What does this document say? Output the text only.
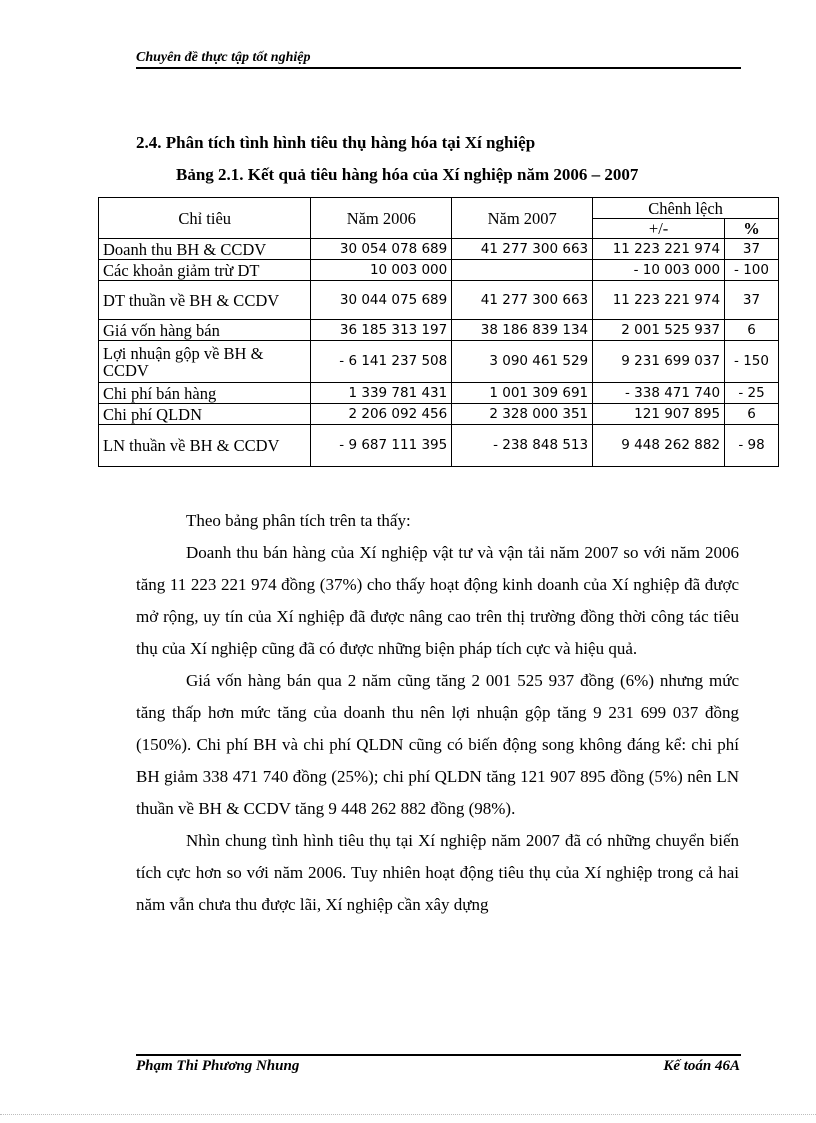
Chuyên đề thực tập tốt nghiệp
2.4. Phân tích tình hình tiêu thụ hàng hóa tại Xí nghiệp
Bảng 2.1. Kết quả tiêu hàng hóa của Xí nghiệp năm 2006 – 2007
Chỉ tiêu	Năm 2006	Năm 2007	Chênh lệch	
			+/-	%
Doanh thu BH & CCDV	30 054 078 689	41 277 300 663	11 223 221 974	37
Các khoản giảm trừ DT	10 003 000		- 10 003 000	- 100
DT thuần về BH & CCDV	30 044 075 689	41 277 300 663	11 223 221 974	37
Giá vốn hàng bán	36 185 313 197	38 186 839 134	2 001 525 937	6
Lợi nhuận gộp về BH & CCDV	- 6 141 237 508	3 090 461 529	9 231 699 037	- 150
Chi phí bán hàng	1 339 781 431	1 001 309 691	- 338 471 740	- 25
Chi phí QLDN	2 206 092 456	2 328 000 351	121 907 895	6
LN thuần về BH & CCDV	- 9 687 111 395	- 238 848 513	9 448 262 882	- 98

Theo bảng phân tích trên ta thấy:

Doanh thu bán hàng của Xí nghiệp vật tư và vận tải năm 2007 so với năm 2006 tăng 11 223 221 974 đồng (37%) cho thấy hoạt động kinh doanh của Xí nghiệp đã được mở rộng, uy tín của Xí nghiệp đã được nâng cao trên thị trường đồng thời công tác tiêu thụ của Xí nghiệp cũng đã có được những biện pháp tích cực và hiệu quả.

Giá vốn hàng bán qua 2 năm cũng tăng 2 001 525 937 đồng (6%) nhưng mức tăng thấp hơn mức tăng của doanh thu nên lợi nhuận gộp tăng 9 231 699 037 đồng (150%). Chi phí BH và chi phí QLDN cũng có biến động song không đáng kể: chi phí BH giảm 338 471 740 đồng (25%); chi phí QLDN tăng 121 907 895 đồng (5%) nên LN thuần về BH & CCDV tăng 9 448 262 882 đồng (98%).

Nhìn chung tình hình tiêu thụ tại Xí nghiệp năm 2007 đã có những chuyển biến tích cực hơn so với năm 2006. Tuy nhiên hoạt động tiêu thụ của Xí nghiệp trong cả hai năm vẫn chưa thu được lãi, Xí nghiệp cần xây dựng

Phạm Thi Phương Nhung	Kế toán 46A
